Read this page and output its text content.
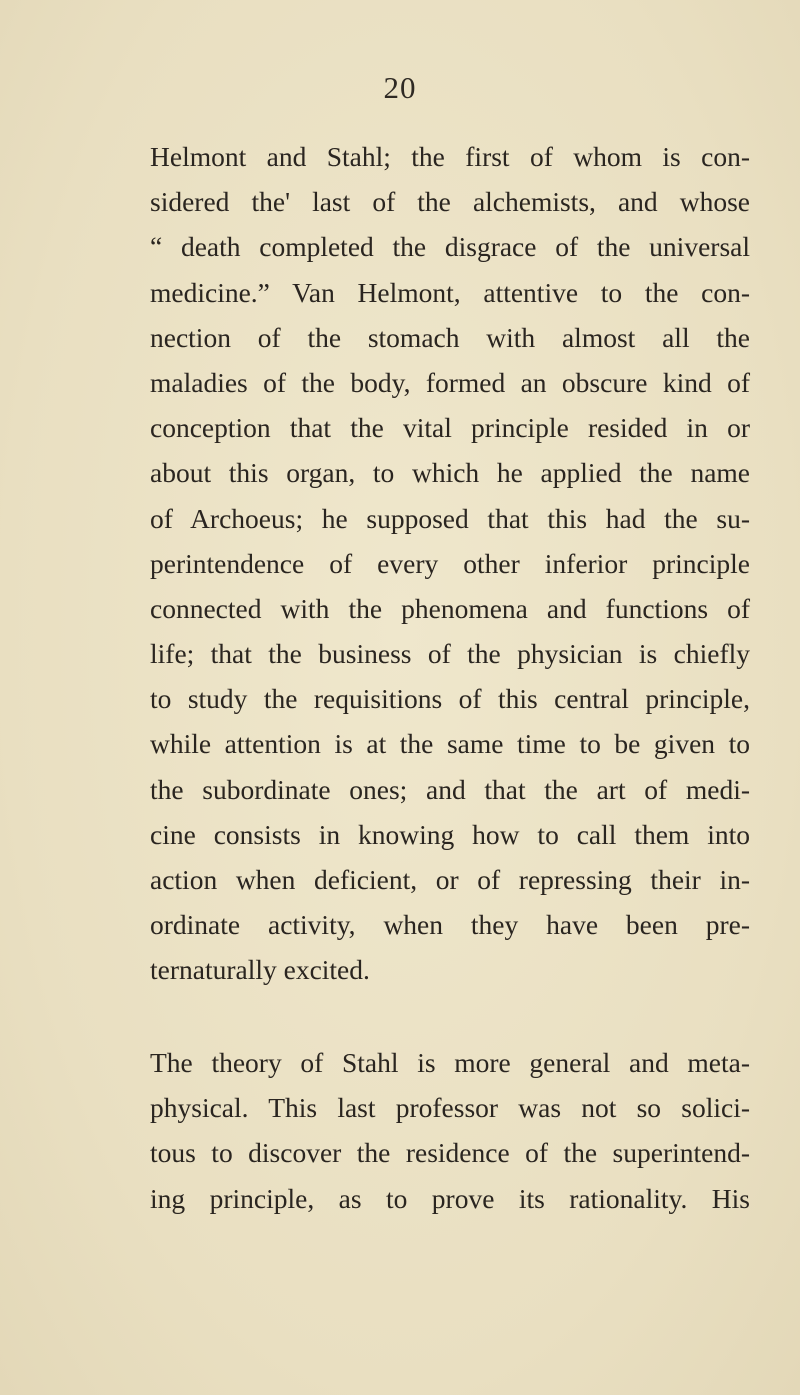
20
Helmont and Stahl; the first of whom is con-
sidered the' last of the alchemists, and whose
“ death completed the disgrace of the universal
medicine.” Van Helmont, attentive to the con-
nection of the stomach with almost all the
maladies of the body, formed an obscure kind of
conception that the vital principle resided in or
about this organ, to which he applied the name
of Archoeus; he supposed that this had the su-
perintendence of every other inferior principle
connected with the phenomena and functions of
life; that the business of the physician is chiefly
to study the requisitions of this central principle,
while attention is at the same time to be given to
the subordinate ones; and that the art of medi-
cine consists in knowing how to call them into
action when deficient, or of repressing their in-
ordinate activity, when they have been pre-
ternaturally excited.
The theory of Stahl is more general and meta-
physical. This last professor was not so solici-
tous to discover the residence of the superintend-
ing principle, as to prove its rationality. His
